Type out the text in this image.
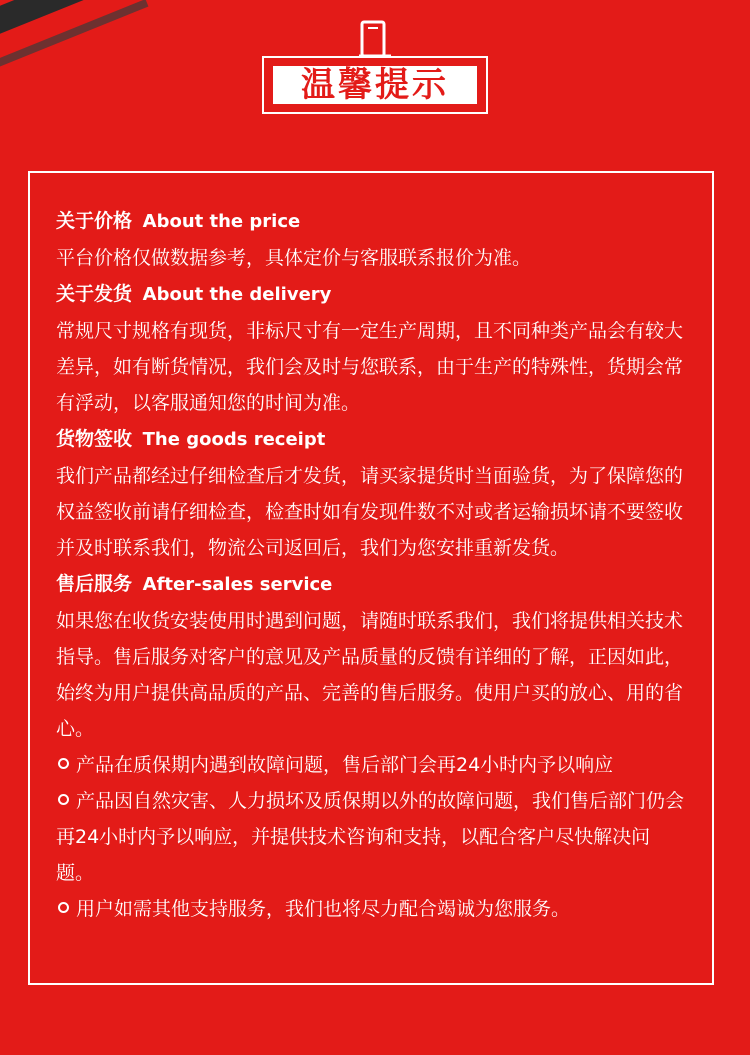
温馨提示
关于价格 About the price
平台价格仅做数据参考，具体定价与客服联系报价为准。
关于发货 About the delivery
常规尺寸规格有现货，非标尺寸有一定生产周期，且不同种类产品会有较大差异，如有断货情况，我们会及时与您联系，由于生产的特殊性，货期会常有浮动，以客服通知您的时间为准。
货物签收 The goods receipt
我们产品都经过仔细检查后才发货，请买家提货时当面验货，为了保障您的权益签收前请仔细检查，检查时如有发现件数不对或者运输损坏请不要签收并及时联系我们，物流公司返回后，我们为您安排重新发货。
售后服务 After-sales service
如果您在收货安装使用时遇到问题，请随时联系我们，我们将提供相关技术指导。售后服务对客户的意见及产品质量的反馈有详细的了解，正因如此， 始终为用户提供高品质的产品、完善的售后服务。使用户买的放心、用的省心。
产品在质保期内遇到故障问题，售后部门会再24小时内予以响应
产品因自然灾害、人力损坏及质保期以外的故障问题，我们售后部门仍会再24小时内予以响应，并提供技术咨询和支持，以配合客户尽快解决问题。
用户如需其他支持服务，我们也将尽力配合竭诚为您服务。
